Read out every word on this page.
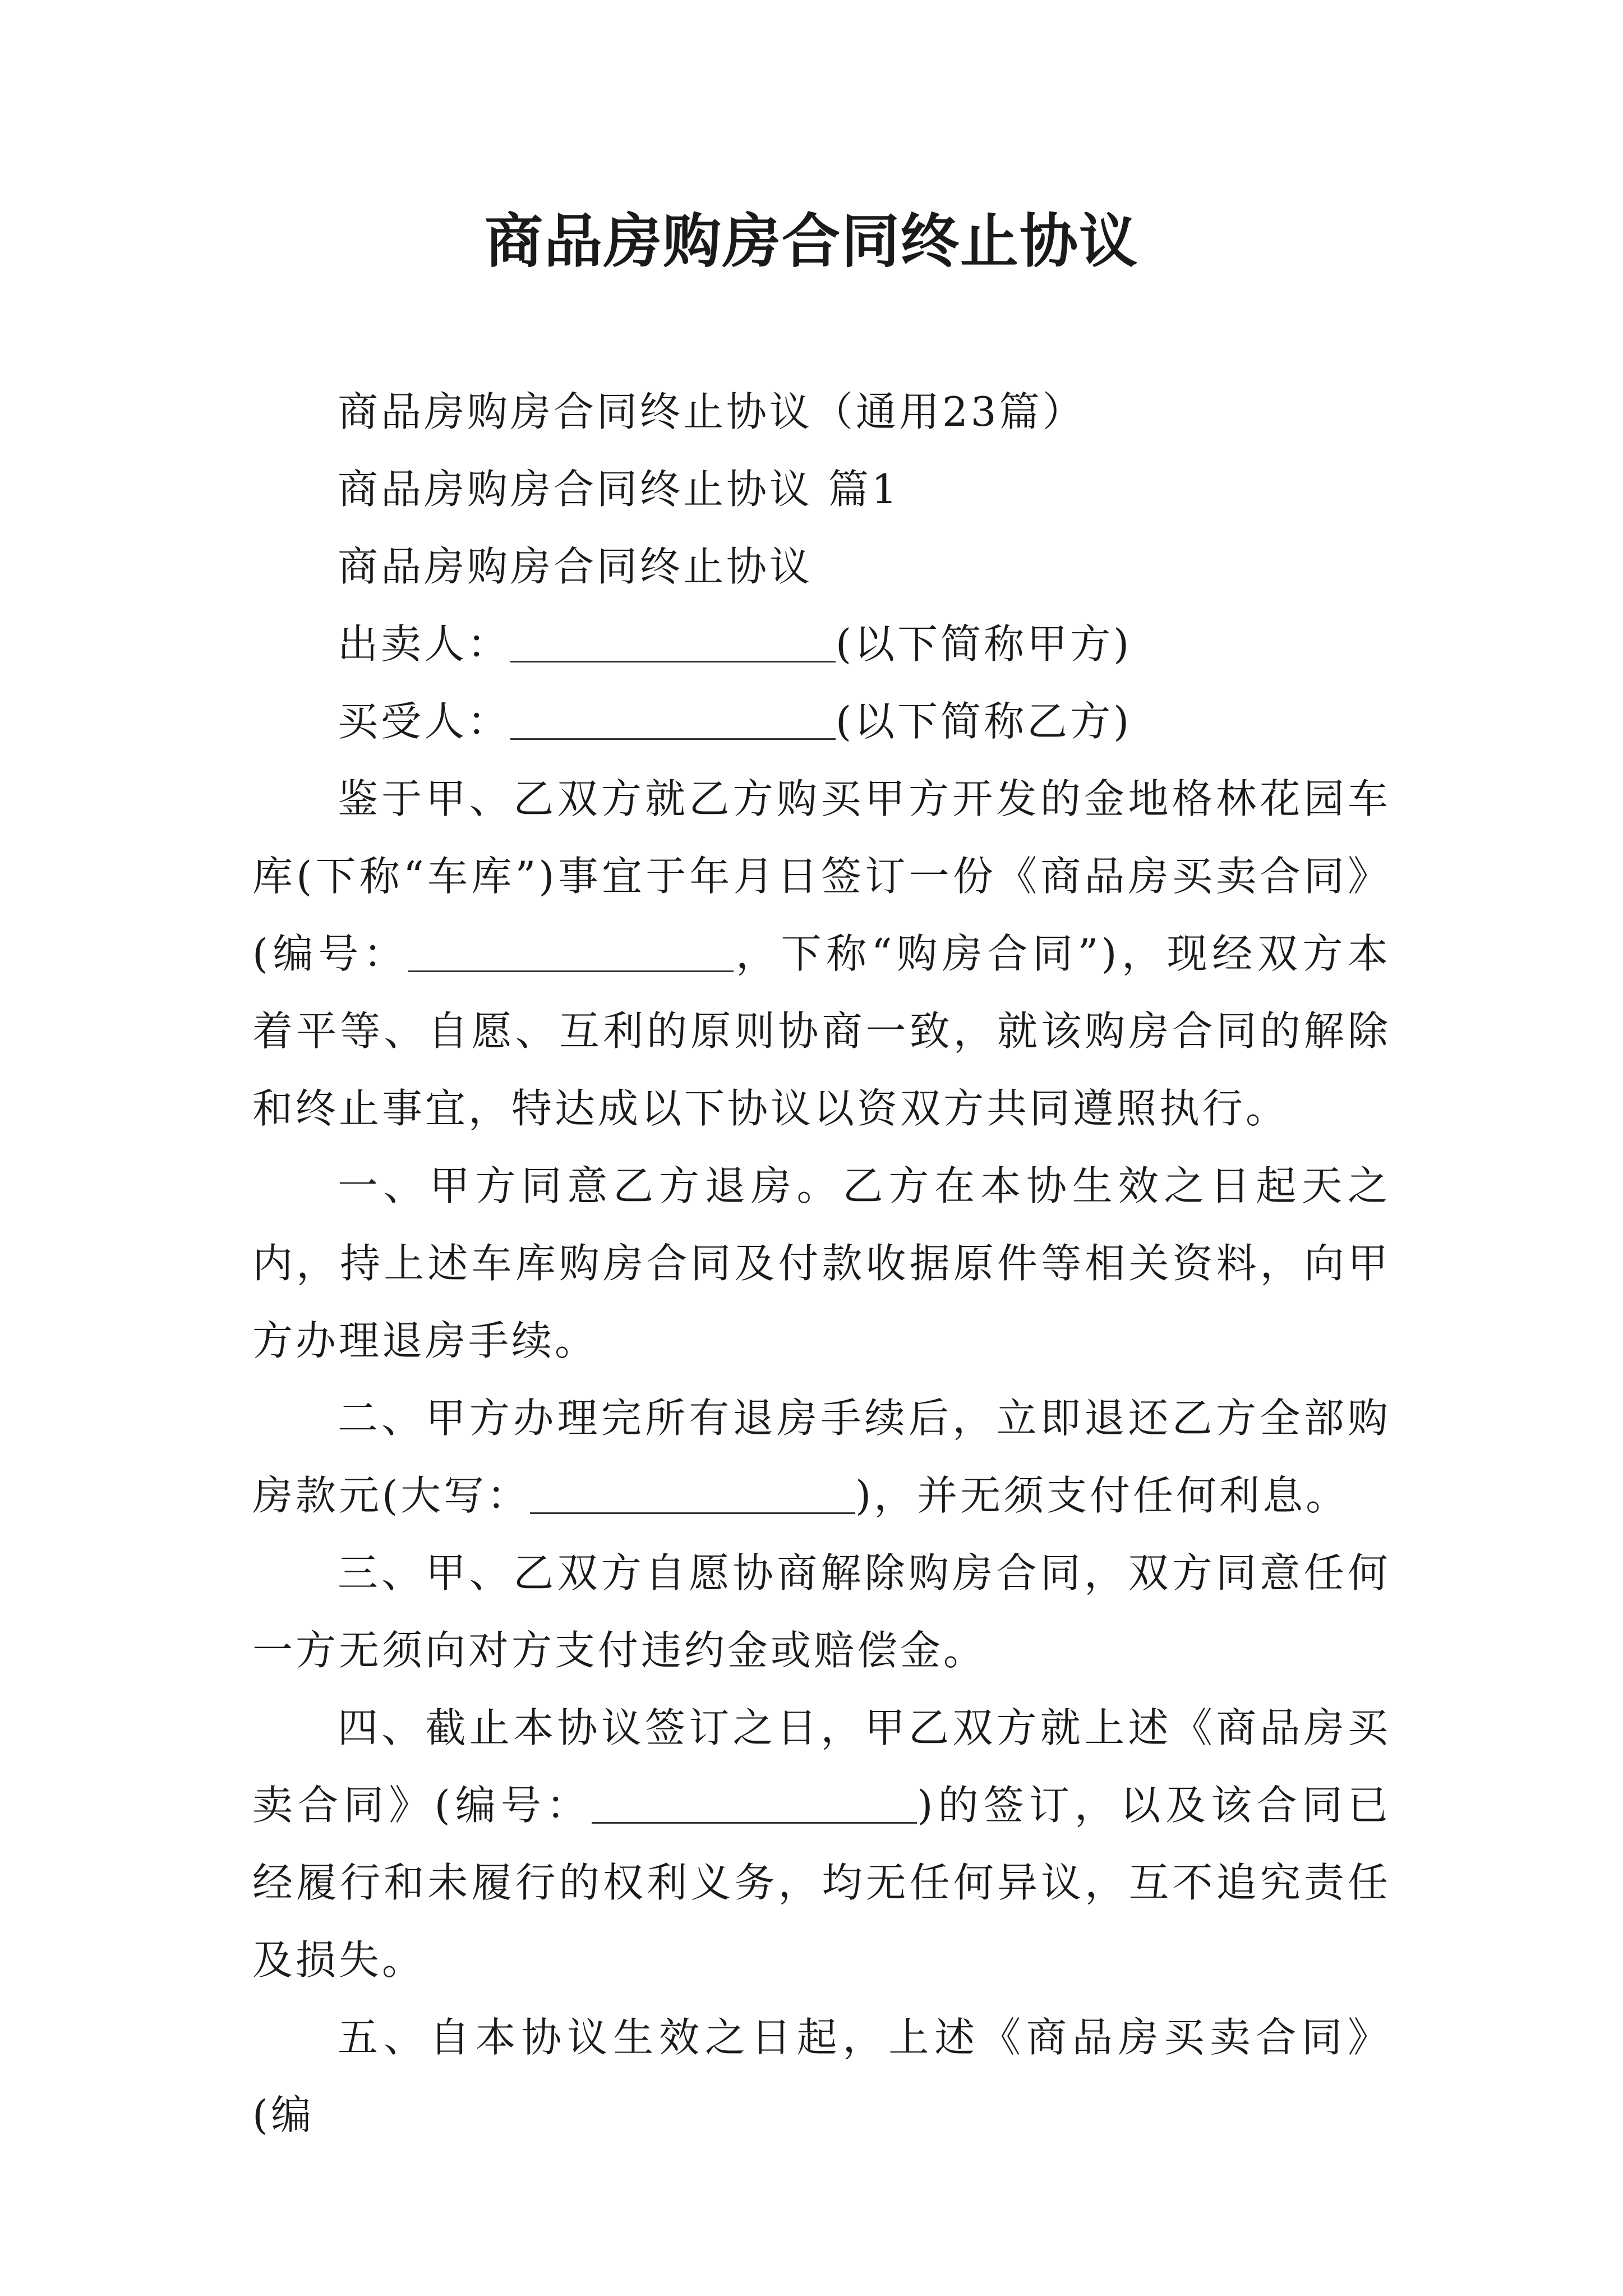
商品房购房合同终止协议

商品房购房合同终止协议（通用23篇）

商品房购房合同终止协议 篇1

商品房购房合同终止协议

出卖人：	(以下简称甲方)

买受人：	(以下简称乙方)

鉴于甲、乙双方就乙方购买甲方开发的金地格林花园车库(下称“车库”)事宜于年月日签订一份《商品房买卖合同》(编号：	，下称“购房合同”)，现经双方本着平等、自愿、互利的原则协商一致，就该购房合同的解除和终止事宜，特达成以下协议以资双方共同遵照执行。

一、甲方同意乙方退房。乙方在本协生效之日起天之内，持上述车库购房合同及付款收据原件等相关资料，向甲方办理退房手续。

二、甲方办理完所有退房手续后，立即退还乙方全部购房款元(大写：	)，并无须支付任何利息。

三、甲、乙双方自愿协商解除购房合同，双方同意任何一方无须向对方支付违约金或赔偿金。

四、截止本协议签订之日，甲乙双方就上述《商品房买卖合同》(编号：	)的签订，以及该合同已经履行和未履行的权利义务，均无任何异议，互不追究责任及损失。

五、自本协议生效之日起，上述《商品房买卖合同》(编
